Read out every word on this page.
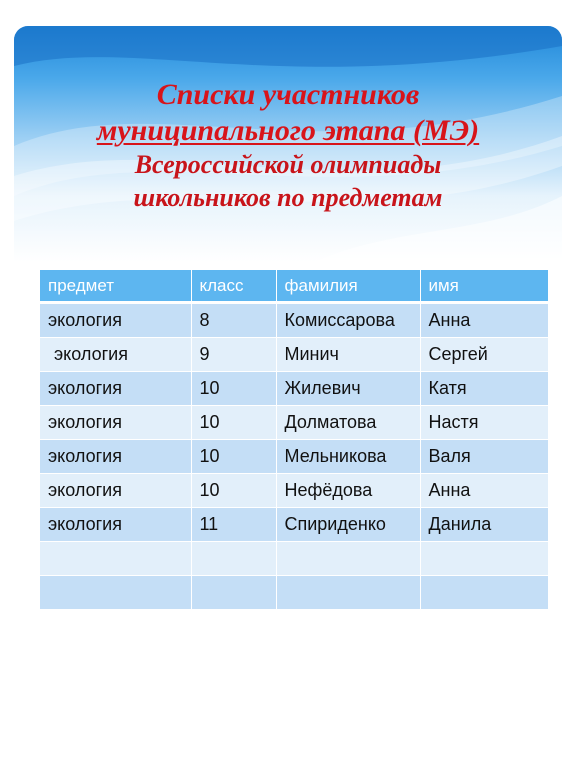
Списки участников
муниципального этапа (МЭ)
Всероссийской олимпиады
школьников по предметам
предмет	класс	фамилия	имя
экология	8	Комиссарова	Анна
экология	9	Минич	Сергей
экология	10	Жилевич	Катя
экология	10	Долматова	Настя
экология	10	Мельникова	Валя
экология	10	Нефёдова	Анна
экология	11	Спириденко	Данила
